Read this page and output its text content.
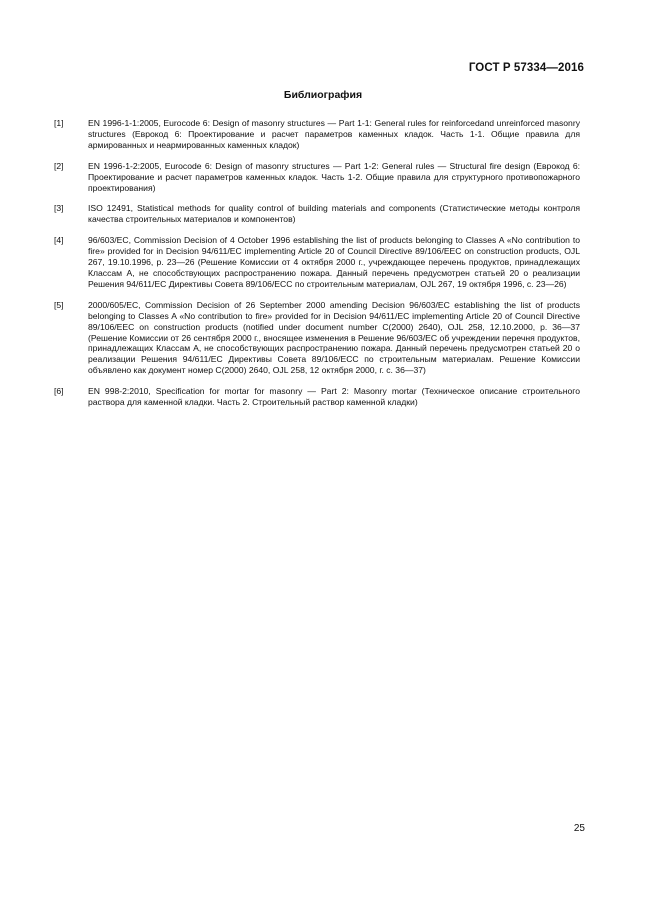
ГОСТ Р 57334—2016
Библиография
[1]	EN 1996-1-1:2005, Eurocode 6: Design of masonry structures — Part 1-1: General rules for reinforcedand unreinforced masonry structures (Еврокод 6: Проектирование и расчет параметров каменных кладок. Часть 1-1. Общие правила для армированных и неармированных каменных кладок)
[2]	EN 1996-1-2:2005, Eurocode 6: Design of masonry structures — Part 1-2: General rules — Structural fire design (Еврокод 6: Проектирование и расчет параметров каменных кладок. Часть 1-2. Общие правила для структурного противопожарного проектирования)
[3]	ISO 12491, Statistical methods for quality control of building materials and components (Статистические методы контроля качества строительных материалов и компонентов)
[4]	96/603/EC, Commission Decision of 4 October 1996 establishing the list of products belonging to Classes A «No contribution to fire» provided for in Decision 94/611/EC implementing Article 20 of Council Directive 89/106/EEC on construction products, OJL 267, 19.10.1996, p. 23—26 (Решение Комиссии от 4 октября 2000 г., учреждающее перечень продуктов, принадлежащих Классам А, не способствующих распространению пожара. Данный перечень предусмотрен статьей 20 о реализации Решения 94/611/EC Директивы Совета 89/106/ЕСС по строительным материалам, OJL 267, 19 октября 1996, с. 23—26)
[5]	2000/605/EC, Commission Decision of 26 September 2000 amending Decision 96/603/EC establishing the list of products belonging to Classes A «No contribution to fire» provided for in Decision 94/611/EC implementing Article 20 of Council Directive 89/106/EEC on construction products (notified under document number C(2000) 2640), OJL 258, 12.10.2000, p. 36—37 (Решение Комиссии от 26 сентября 2000 г., вносящее изменения в Решение 96/603/EC об учреждении перечня продуктов, принадлежащих Классам А, не способствующих распространению пожара. Данный перечень предусмотрен статьей 20 о реализации Решения 94/611/EC Директивы Совета 89/106/ЕСС по строительным материалам. Решение Комиссии объявлено как документ номер C(2000) 2640, OJL 258, 12 октября 2000, г. с. 36—37)
[6]	EN 998-2:2010, Specification for mortar for masonry — Part 2: Masonry mortar (Техническое описание строительного раствора для каменной кладки. Часть 2. Строительный раствор каменной кладки)
25
